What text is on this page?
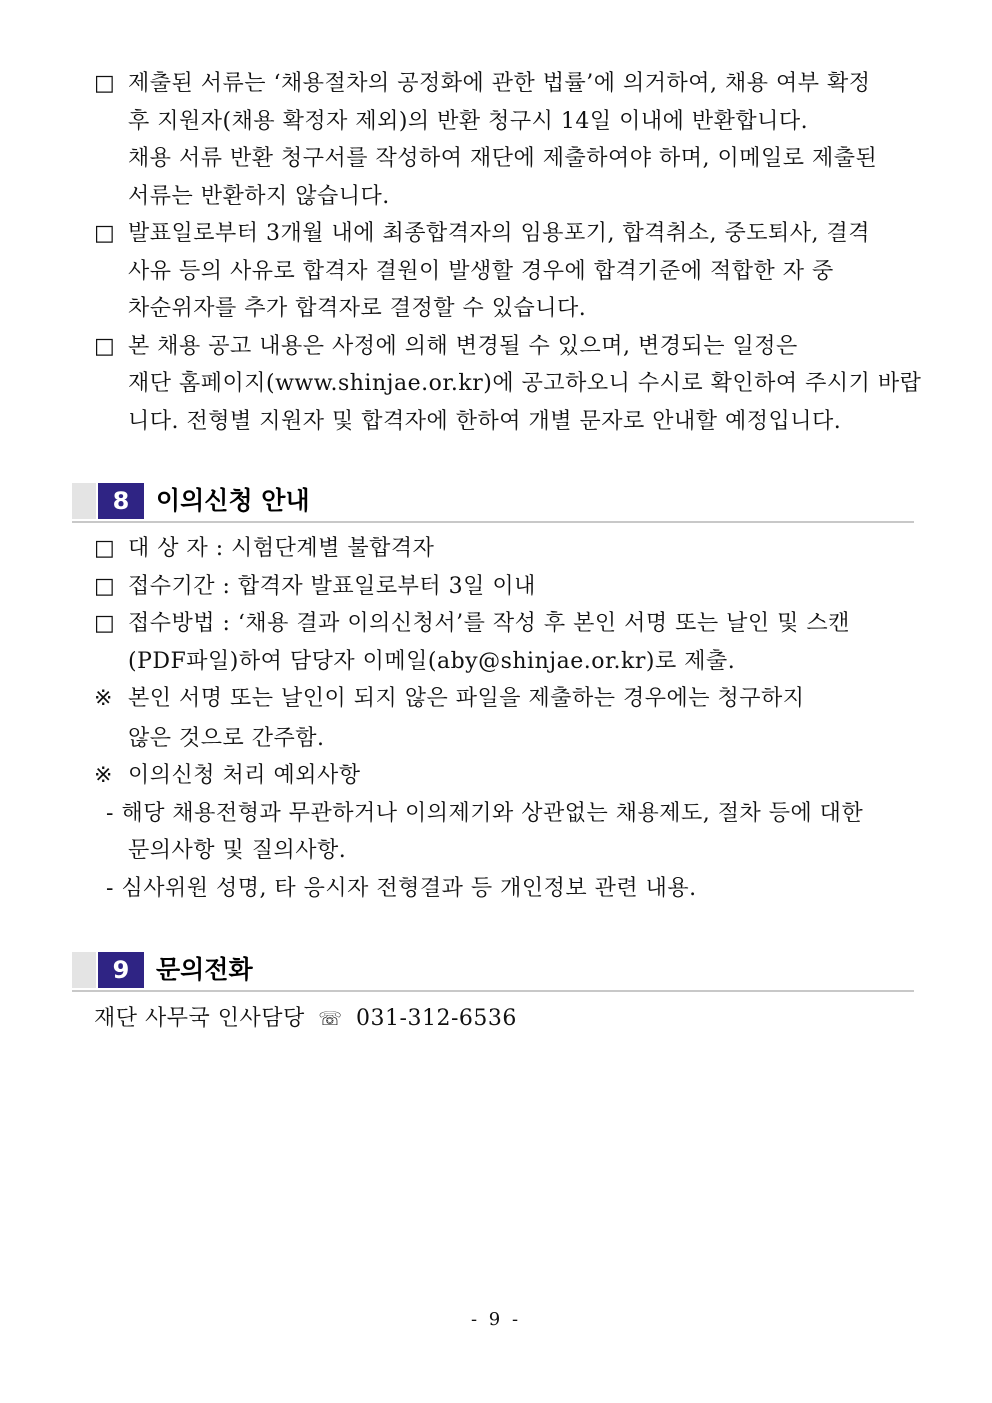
□ 제출된 서류는 ‘채용절차의 공정화에 관한 법률’에 의거하여, 채용 여부 확정
후 지원자(채용 확정자 제외)의 반환 청구시 14일 이내에 반환합니다.
채용 서류 반환 청구서를 작성하여 재단에 제출하여야 하며, 이메일로 제출된
서류는 반환하지 않습니다.
□ 발표일로부터 3개월 내에 최종합격자의 임용포기, 합격취소, 중도퇴사, 결격
사유 등의 사유로 합격자 결원이 발생할 경우에 합격기준에 적합한 자 중
차순위자를 추가 합격자로 결정할 수 있습니다.
□ 본 채용 공고 내용은 사정에 의해 변경될 수 있으며, 변경되는 일정은
재단 홈페이지(www.shinjae.or.kr)에 공고하오니 수시로 확인하여 주시기 바랍
니다. 전형별 지원자 및 합격자에 한하여 개별 문자로 안내할 예정입니다.
8	이의신청 안내
□ 대 상 자 : 시험단계별 불합격자
□ 접수기간 : 합격자 발표일로부터 3일 이내
□ 접수방법 : ‘채용 결과 이의신청서’를 작성 후 본인 서명 또는 날인 및 스캔
(PDF파일)하여 담당자 이메일(aby@shinjae.or.kr)로 제출.
※ 본인 서명 또는 날인이 되지 않은 파일을 제출하는 경우에는 청구하지
않은 것으로 간주함.
※ 이의신청 처리 예외사항
- 해당 채용전형과 무관하거나 이의제기와 상관없는 채용제도, 절차 등에 대한
문의사항 및 질의사항.
- 심사위원 성명, 타 응시자 전형결과 등 개인정보 관련 내용.
9	문의전화
재단 사무국 인사담당 ☏ 031-312-6536
- 9 -
